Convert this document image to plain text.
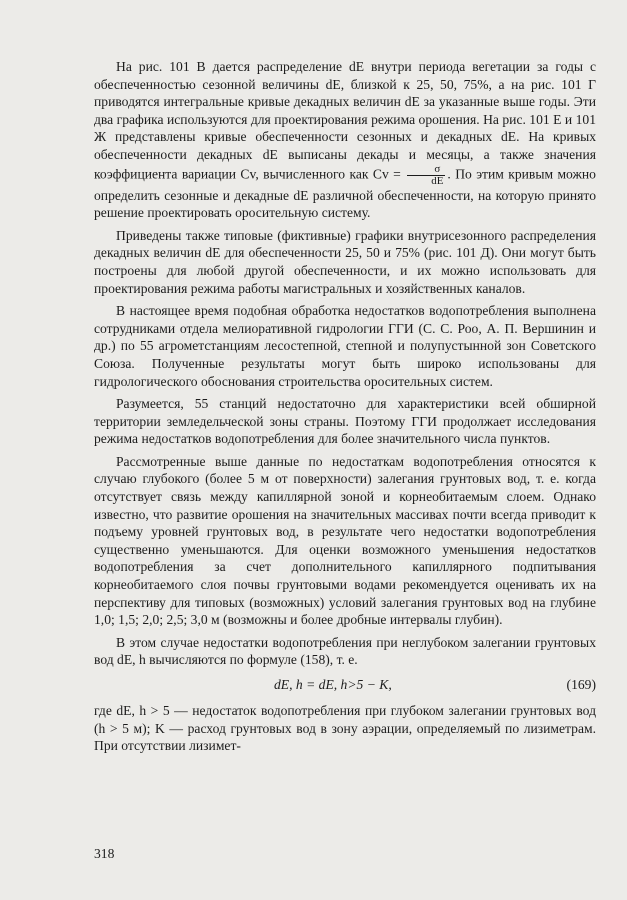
На рис. 101 В дается распределение dE внутри периода вегетации за годы с обеспеченностью сезонной величины dE, близкой к 25, 50, 75%, а на рис. 101 Г приводятся интегральные кривые декадных величин dE за указанные выше годы. Эти два графика используются для проектирования режима орошения. На рис. 101 Е и 101 Ж представлены кривые обеспеченности сезонных и декадных dE. На кривых обеспеченности декадных dE выписаны декады и месяцы, а также значения коэффициента вариации Cv, вычисленного как $Cv = \frac{\sigma}{dE}$ . По этим кривым можно определить сезонные и декадные dE различной обеспеченности, на которую принято решение проектировать оросительную систему.

Приведены также типовые (фиктивные) графики внутрисезонного распределения декадных величин dE для обеспеченности 25, 50 и 75% (рис. 101 Д). Они могут быть построены для любой другой обеспеченности, и их можно использовать для проектирования режима работы магистральных и хозяйственных каналов.

В настоящее время подобная обработка недостатков водопотребления выполнена сотрудниками отдела мелиоративной гидрологии ГГИ (С. С. Роо, А. П. Вершинин и др.) по 55 агрометстанциям лесостепной, степной и полупустынной зон Советского Союза. Полученные результаты могут быть широко использованы для гидрологического обоснования строительства оросительных систем.

Разумеется, 55 станций недостаточно для характеристики всей обширной территории земледельческой зоны страны. Поэтому ГГИ продолжает исследования режима недостатков водопотребления для более значительного числа пунктов.

Рассмотренные выше данные по недостаткам водопотребления относятся к случаю глубокого (более 5 м от поверхности) залегания грунтовых вод, т. е. когда отсутствует связь между капиллярной зоной и корнеобитаемым слоем. Однако известно, что развитие орошения на значительных массивах почти всегда приводит к подъему уровней грунтовых вод, в результате чего недостатки водопотребления существенно уменьшаются. Для оценки возможного уменьшения недостатков водопотребления за счет дополнительного капиллярного подпитывания корнеобитаемого слоя почвы грунтовыми водами рекомендуется оценивать их на перспективу для типовых (возможных) условий залегания грунтовых вод на глубине 1,0; 1,5; 2,0; 2,5; 3,0 м (возможны и более дробные интервалы глубин).

В этом случае недостатки водопотребления при неглубоком залегании грунтовых вод dE, h вычисляются по формуле (158), т. е.

dE, h = dE, h>5 − K,	(169)

где dE, h > 5 — недостаток водопотребления при глубоком залегании грунтовых вод (h > 5 м); K — расход грунтовых вод в зону аэрации, определяемый по лизиметрам. При отсутствии лизимет-

318
